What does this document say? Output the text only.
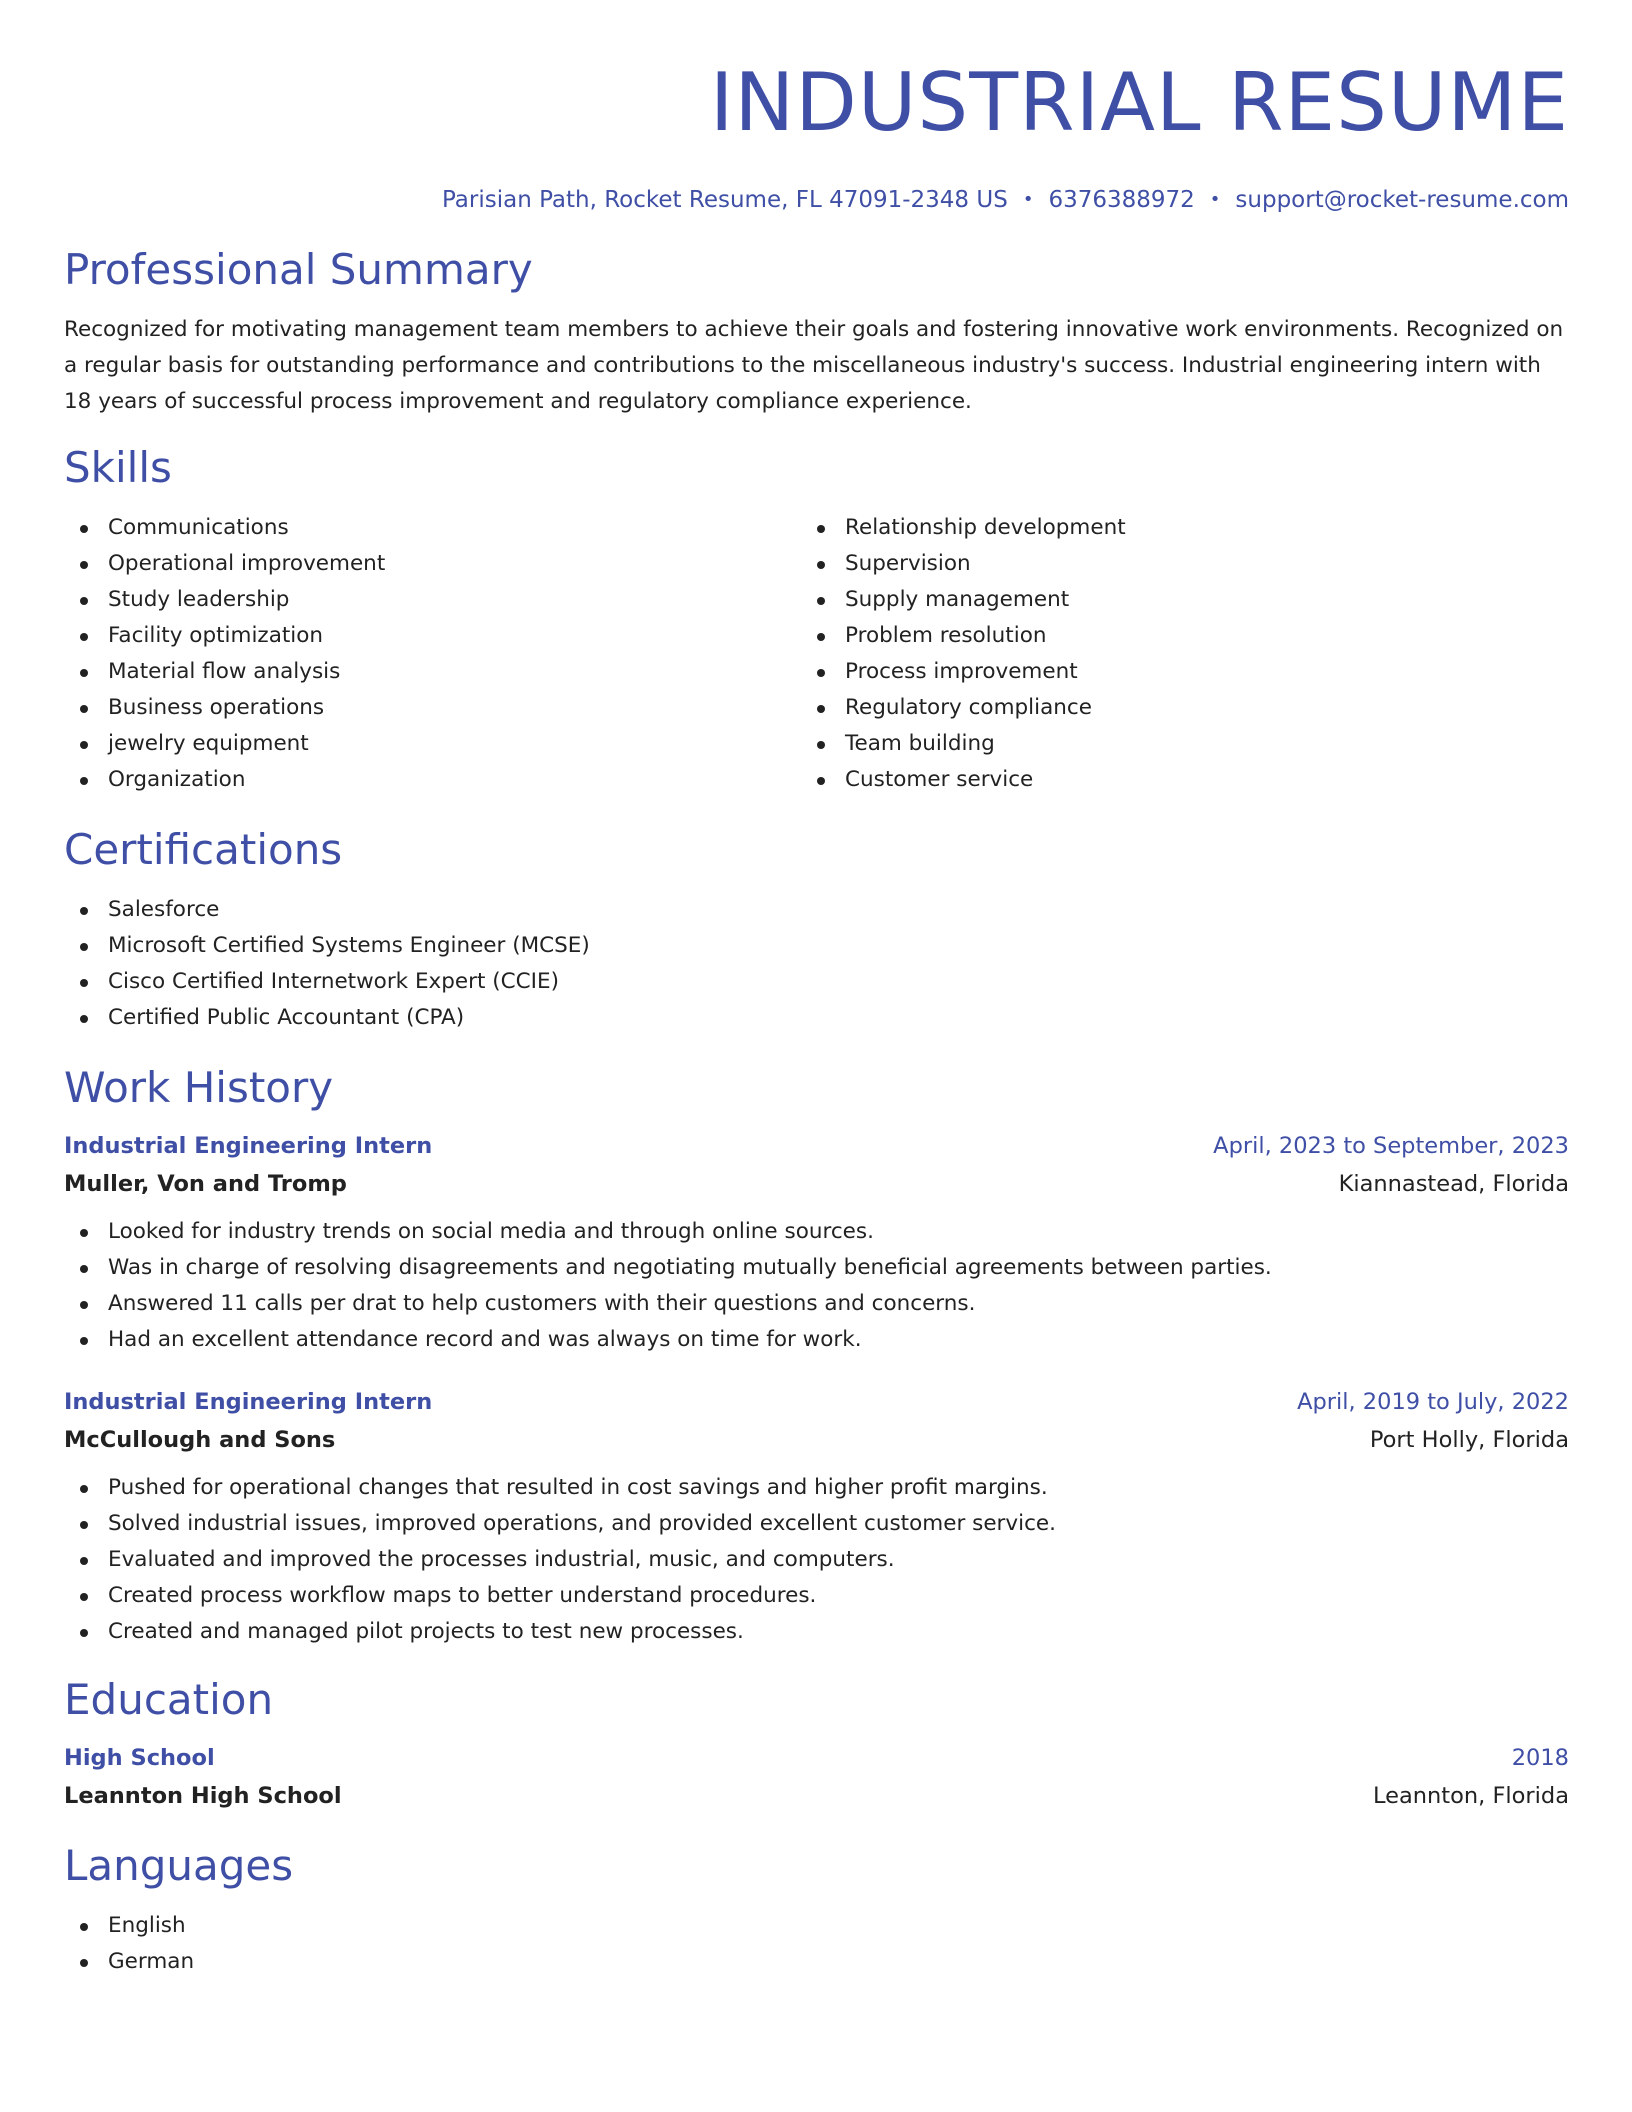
INDUSTRIAL RESUME
Parisian Path, Rocket Resume, FL 47091-2348 US • 6376388972 • support@rocket-resume.com
Professional Summary

Recognized for motivating management team members to achieve their goals and fostering innovative work environments. Recognized on a regular basis for outstanding performance and contributions to the miscellaneous industry's success. Industrial engineering intern with 18 years of successful process improvement and regulatory compliance experience.

Skills
Communications
Operational improvement
Study leadership
Facility optimization
Material flow analysis
Business operations
jewelry equipment
Organization
Relationship development
Supervision
Supply management
Problem resolution
Process improvement
Regulatory compliance
Team building
Customer service
Certifications
Salesforce
Microsoft Certified Systems Engineer (MCSE)
Cisco Certified Internetwork Expert (CCIE)
Certified Public Accountant (CPA)
Work History
Industrial Engineering Intern	April, 2023 to September, 2023
Muller, Von and Tromp	Kiannastead, Florida
Looked for industry trends on social media and through online sources.
Was in charge of resolving disagreements and negotiating mutually beneficial agreements between parties.
Answered 11 calls per drat to help customers with their questions and concerns.
Had an excellent attendance record and was always on time for work.
Industrial Engineering Intern	April, 2019 to July, 2022
McCullough and Sons	Port Holly, Florida
Pushed for operational changes that resulted in cost savings and higher profit margins.
Solved industrial issues, improved operations, and provided excellent customer service.
Evaluated and improved the processes industrial, music, and computers.
Created process workflow maps to better understand procedures.
Created and managed pilot projects to test new processes.
Education
High School	2018
Leannton High School	Leannton, Florida
Languages
English
German
